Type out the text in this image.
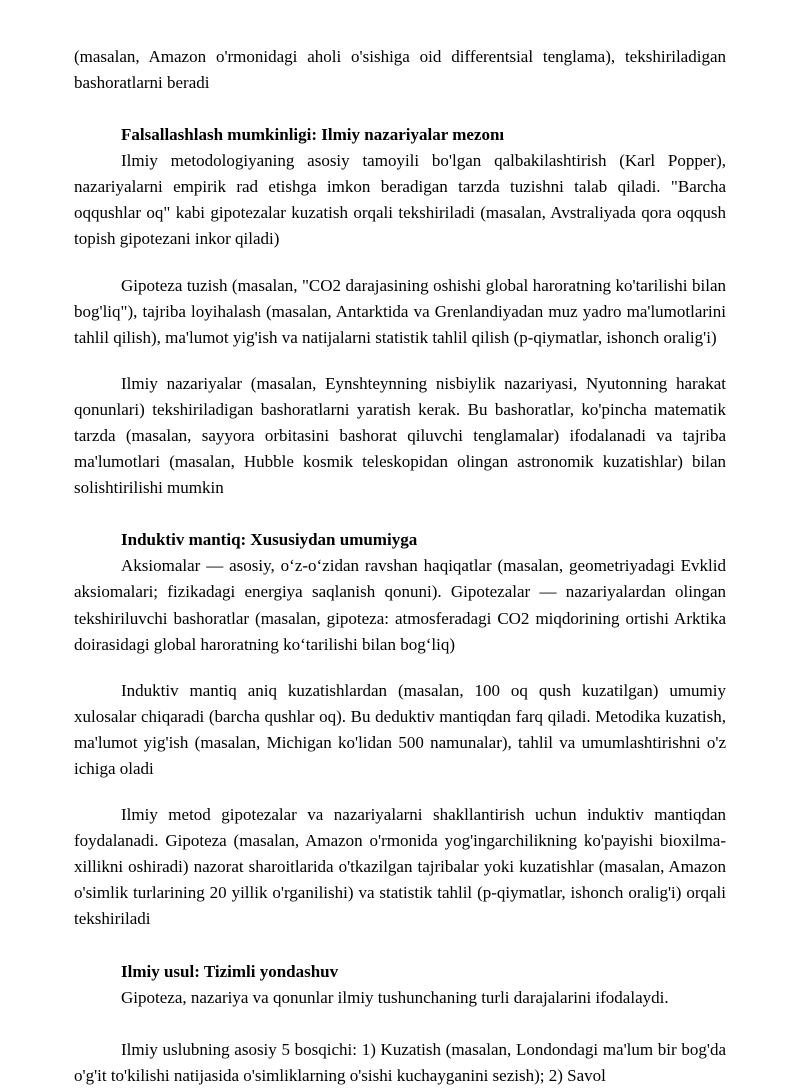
(masalan, Amazon o'rmonidagi aholi o'sishiga oid differentsial tenglama), tekshiriladigan bashoratlarni beradi

Falsallashlash mumkinligi: Ilmiy nazariyalar mezonı

Ilmiy metodologiyaning asosiy tamoyili bo'lgan qalbakilashtirish (Karl Popper), nazariyalarni empirik rad etishga imkon beradigan tarzda tuzishni talab qiladi. "Barcha oqqushlar oq" kabi gipotezalar kuzatish orqali tekshiriladi (masalan, Avstraliyada qora oqqush topish gipotezani inkor qiladi)

Gipoteza tuzish (masalan, "CO2 darajasining oshishi global haroratning ko'tarilishi bilan bog'liq"), tajriba loyihalash (masalan, Antarktida va Grenlandiyadan muz yadro ma'lumotlarini tahlil qilish), ma'lumot yig'ish va natijalarni statistik tahlil qilish (p-qiymatlar, ishonch oralig'i)

Ilmiy nazariyalar (masalan, Eynshteynning nisbiylik nazariyasi, Nyutonning harakat qonunlari) tekshiriladigan bashoratlarni yaratish kerak. Bu bashoratlar, ko'pincha matematik tarzda (masalan, sayyora orbitasini bashorat qiluvchi tenglamalar) ifodalanadi va tajriba ma'lumotlari (masalan, Hubble kosmik teleskopidan olingan astronomik kuzatishlar) bilan solishtirilishi mumkin

Induktiv mantiq: Xususiydan umumiyga

Aksiomalar — asosiy, oʻz-oʻzidan ravshan haqiqatlar (masalan, geometriyadagi Evklid aksiomalari; fizikadagi energiya saqlanish qonuni). Gipotezalar — nazariyalardan olingan tekshiriluvchi bashoratlar (masalan, gipoteza: atmosferadagi CO2 miqdorining ortishi Arktika doirasidagi global haroratning koʻtarilishi bilan bogʻliq)

Induktiv mantiq aniq kuzatishlardan (masalan, 100 oq qush kuzatilgan) umumiy xulosalar chiqaradi (barcha qushlar oq). Bu deduktiv mantiqdan farq qiladi. Metodika kuzatish, ma'lumot yig'ish (masalan, Michigan ko'lidan 500 namunalar), tahlil va umumlashtirishni o'z ichiga oladi

Ilmiy metod gipotezalar va nazariyalarni shakllantirish uchun induktiv mantiqdan foydalanadi. Gipoteza (masalan, Amazon o'rmonida yog'ingarchilikning ko'payishi bioxilma-xillikni oshiradi) nazorat sharoitlarida o'tkazilgan tajribalar yoki kuzatishlar (masalan, Amazon o'simlik turlarining 20 yillik o'rganilishi) va statistik tahlil (p-qiymatlar, ishonch oralig'i) orqali tekshiriladi

Ilmiy usul: Tizimli yondashuv

Gipoteza, nazariya va qonunlar ilmiy tushunchaning turli darajalarini ifodalaydi.

Ilmiy uslubning asosiy 5 bosqichi: 1) Kuzatish (masalan, Londondagi ma'lum bir bog'da o'g'it to'kilishi natijasida o'simliklarning o'sishi kuchayganini sezish); 2) Savol
